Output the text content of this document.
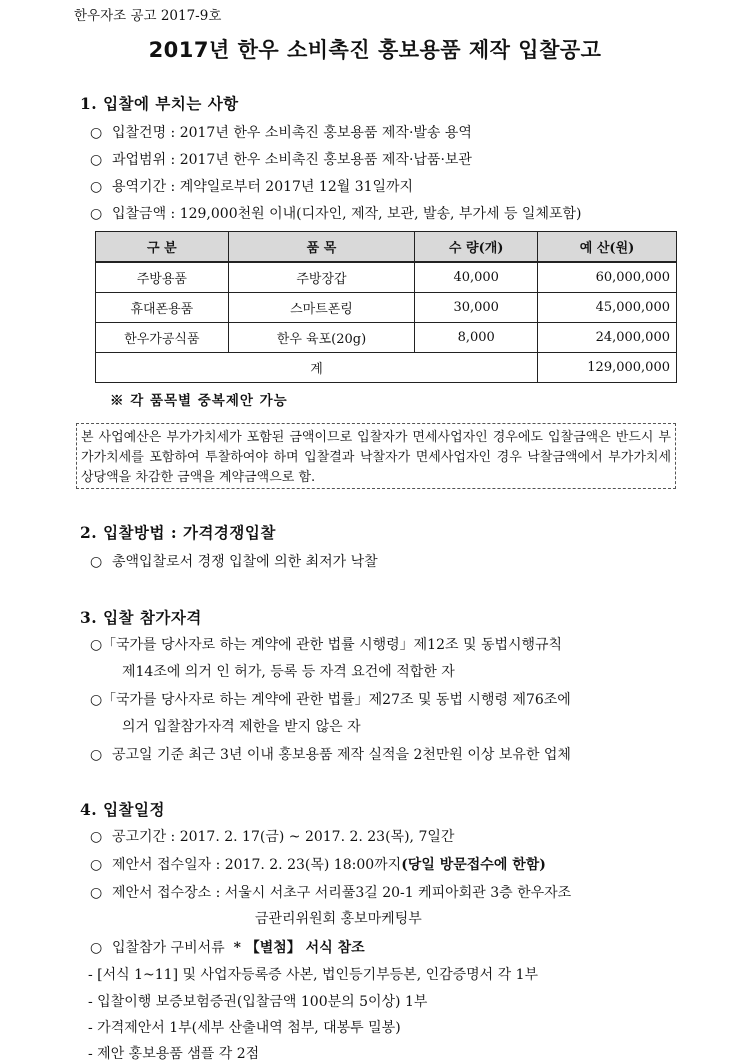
한우자조 공고 2017-9호
2017년 한우 소비촉진 홍보용품 제작 입찰공고
1. 입찰에 부치는 사항
○ 입찰건명 : 2017년 한우 소비촉진 홍보용품 제작·발송 용역
○ 과업범위 : 2017년 한우 소비촉진 홍보용품 제작·납품·보관
○ 용역기간 : 계약일로부터 2017년 12월 31일까지
○ 입찰금액 : 129,000천원 이내(디자인, 제작, 보관, 발송, 부가세 등 일체포함)
구 분	품 목	수 량(개)	예 산(원)
주방용품	주방장갑	40,000	60,000,000
휴대폰용품	스마트폰링	30,000	45,000,000
한우가공식품	한우 육포(20g)	8,000	24,000,000
계			129,000,000
※ 각 품목별 중복제안 가능
본 사업예산은 부가가치세가 포함된 금액이므로 입찰자가 면세사업자인 경우에도 입찰금액은 반드시 부가가치세를 포함하여 투찰하여야 하며 입찰결과 낙찰자가 면세사업자인 경우 낙찰금액에서 부가가치세 상당액을 차감한 금액을 계약금액으로 함.
2. 입찰방법 : 가격경쟁입찰
○ 총액입찰로서 경쟁 입찰에 의한 최저가 낙찰
3. 입찰 참가자격
○「국가를 당사자로 하는 계약에 관한 법률 시행령」제12조 및 동법시행규칙
제14조에 의거 인 허가, 등록 등 자격 요건에 적합한 자
○「국가를 당사자로 하는 계약에 관한 법률」제27조 및 동법 시행령 제76조에
의거 입찰참가자격 제한을 받지 않은 자
○ 공고일 기준 최근 3년 이내 홍보용품 제작 실적을 2천만원 이상 보유한 업체
4. 입찰일정
○ 공고기간 : 2017. 2. 17(금) ~ 2017. 2. 23(목), 7일간
○ 제안서 접수일자 : 2017. 2. 23(목) 18:00까지(당일 방문접수에 한함)
○ 제안서 접수장소 : 서울시 서초구 서리풀3길 20-1 케피아회관 3층 한우자조
금관리위원회 홍보마케팅부
○ 입찰참가 구비서류 * 【별첨】 서식 참조
- [서식 1~11] 및 사업자등록증 사본, 법인등기부등본, 인감증명서 각 1부
- 입찰이행 보증보험증권(입찰금액 100분의 5이상) 1부
- 가격제안서 1부(세부 산출내역 첨부, 대봉투 밀봉)
- 제안 홍보용품 샘플 각 2점
